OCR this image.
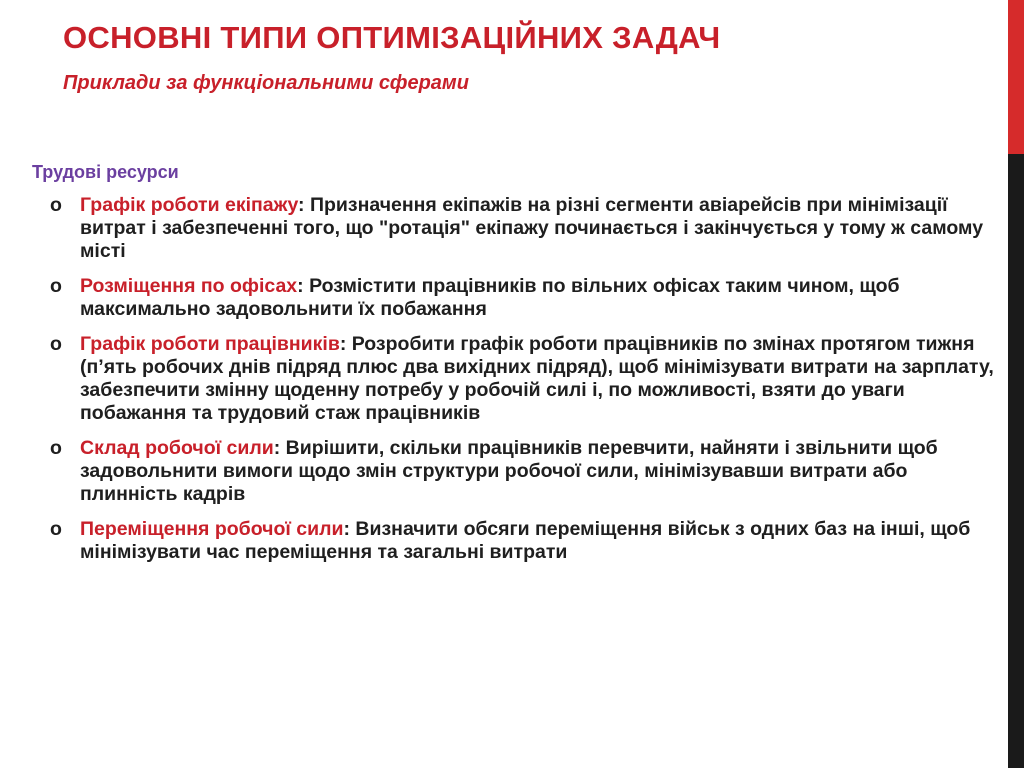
ОСНОВНІ ТИПИ ОПТИМІЗАЦІЙНИХ ЗАДАЧ
Приклади за функціональними сферами
Трудові ресурси
o Графік роботи екіпажу: Призначення екіпажів на різні сегменти авіарейсів при мінімізації витрат і забезпеченні того, що "ротація" екіпажу починається і закінчується у тому ж самому місті
o Розміщення по офісах: Розмістити працівників по вільних офісах таким чином, щоб максимально задовольнити їх побажання
o Графік роботи працівників: Розробити графік роботи працівників по змінах протягом тижня (п’ять робочих днів підряд плюс два вихідних підряд), щоб мінімізувати витрати на зарплату, забезпечити змінну щоденну потребу у робочій силі і, по можливості, взяти до уваги побажання та трудовий стаж працівників
o Склад робочої сили: Вирішити, скільки працівників перевчити, найняти і звільнити щоб задовольнити вимоги щодо змін структури робочої сили, мінімізувавши витрати або плинність кадрів
o Переміщення робочої сили: Визначити обсяги переміщення військ з одних баз на інші, щоб мінімізувати час переміщення та загальні витрати
